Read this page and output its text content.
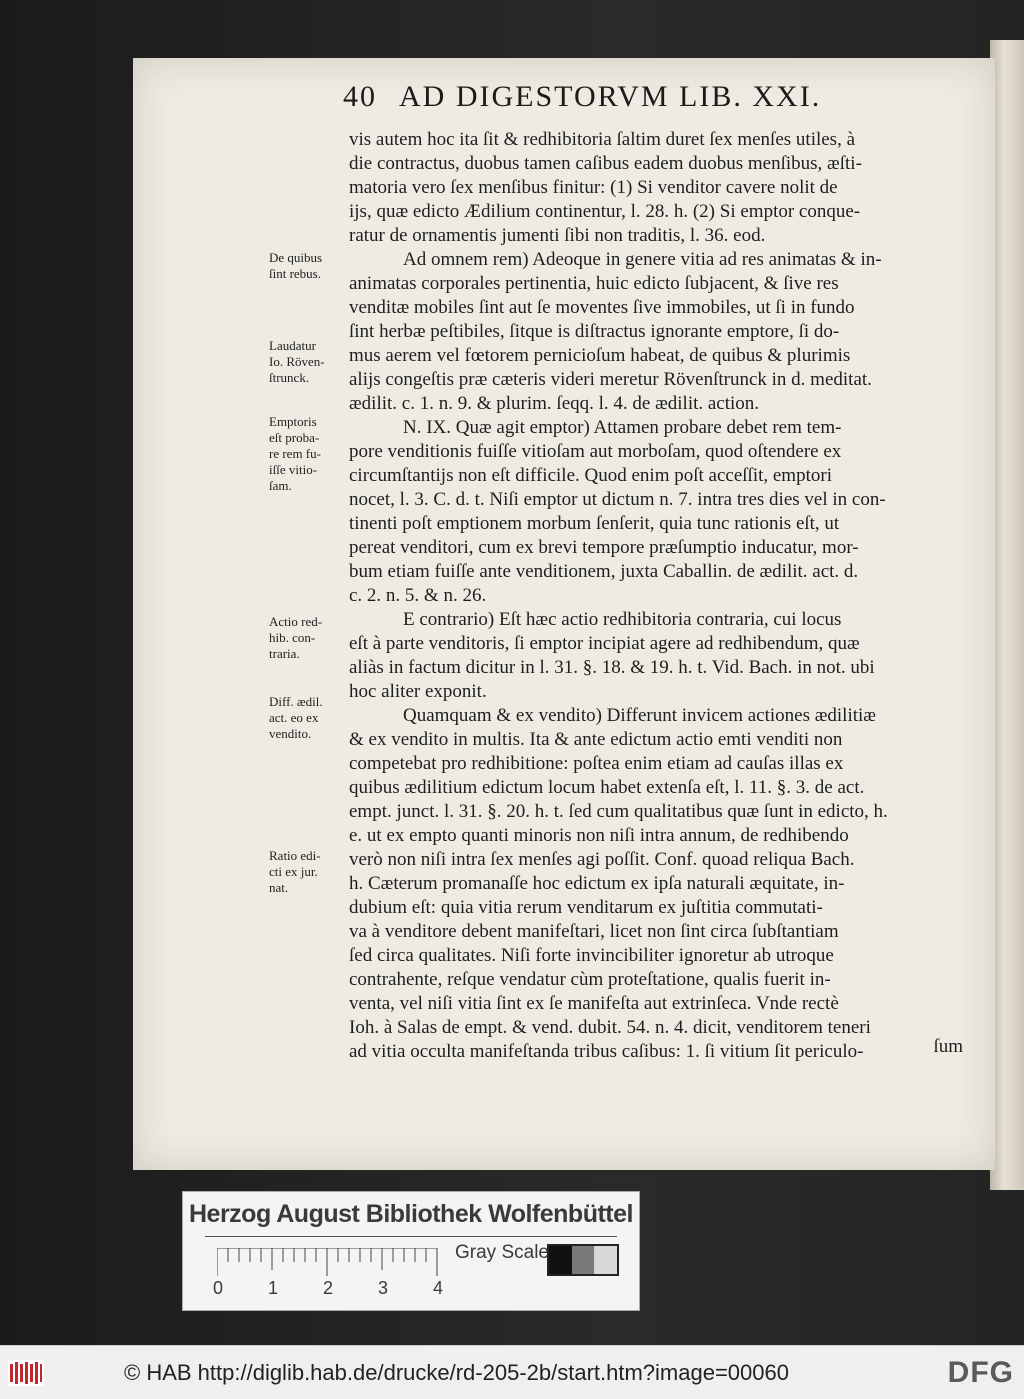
40 AD DIGESTORVM LIB. XXI.
vis autem hoc ita ſit & redhibitoria ſaltim duret ſex menſes utiles, à
die contractus, duobus tamen caſibus eadem duobus menſibus, æſti-
matoria vero ſex menſibus finitur: (1) Si venditor cavere nolit de
ijs, quæ edicto Ædilium continentur, l. 28. h. (2) Si emptor conque-
ratur de ornamentis jumenti ſibi non traditis, l. 36. eod.
Ad omnem rem) Adeoque in genere vitia ad res animatas & in-
animatas corporales pertinentia, huic edicto ſubjacent, & ſive res
venditæ mobiles ſint aut ſe moventes ſive immobiles, ut ſi in fundo
ſint herbæ peſtibiles, ſitque is diſtractus ignorante emptore, ſi do-
mus aerem vel fœtorem pernicioſum habeat, de quibus & plurimis
alijs congeſtis præ cæteris videri meretur Rövenſtrunck in d. meditat.
ædilit. c. 1. n. 9. & plurim. ſeqq. l. 4. de ædilit. action.
N. IX. Quæ agit emptor) Attamen probare debet rem tem-
pore venditionis fuiſſe vitioſam aut morboſam, quod oſtendere ex
circumſtantijs non eſt difficile. Quod enim poſt acceſſit, emptori
nocet, l. 3. C. d. t. Niſi emptor ut dictum n. 7. intra tres dies vel in con-
tinenti poſt emptionem morbum ſenſerit, quia tunc rationis eſt, ut
pereat venditori, cum ex brevi tempore præſumptio inducatur, mor-
bum etiam fuiſſe ante venditionem, juxta Caballin. de ædilit. act. d.
c. 2. n. 5. & n. 26.
E contrario) Eſt hæc actio redhibitoria contraria, cui locus
eſt à parte venditoris, ſi emptor incipiat agere ad redhibendum, quæ
aliàs in factum dicitur in l. 31. §. 18. & 19. h. t. Vid. Bach. in not. ubi
hoc aliter exponit.
Quamquam & ex vendito) Differunt invicem actiones ædilitiæ
& ex vendito in multis. Ita & ante edictum actio emti venditi non
competebat pro redhibitione: poſtea enim etiam ad cauſas illas ex
quibus ædilitium edictum locum habet extenſa eſt, l. 11. §. 3. de act.
empt. junct. l. 31. §. 20. h. t. ſed cum qualitatibus quæ ſunt in edicto, h.
e. ut ex empto quanti minoris non niſi intra annum, de redhibendo
verò non niſi intra ſex menſes agi poſſit. Conf. quoad reliqua Bach.
h. Cæterum promanaſſe hoc edictum ex ipſa naturali æquitate, in-
dubium eſt: quia vitia rerum venditarum ex juſtitia commutati-
va à venditore debent manifeſtari, licet non ſint circa ſubſtantiam
ſed circa qualitates. Niſi forte invincibiliter ignoretur ab utroque
contrahente, reſque vendatur cùm proteſtatione, qualis fuerit in-
venta, vel niſi vitia ſint ex ſe manifeſta aut extrinſeca. Vnde rectè
Ioh. à Salas de empt. & vend. dubit. 54. n. 4. dicit, venditorem teneri
ad vitia occulta manifeſtanda tribus caſibus: 1. ſi vitium ſit periculo-	ſum
De quibus
ſint rebus.
Laudatur
Io. Röven-
ſtrunck.
Emptoris
eſt proba-
re rem fu-
iſſe vitio-
ſam.
Actio red-
hib. con-
traria.
Diff. ædil.
act. eo ex
vendito.
Ratio edi-
cti ex jur.
nat.
Herzog August Bibliothek Wolfenbüttel
0 1 2 3 4
Gray Scale
© HAB http://diglib.hab.de/drucke/rd-205-2b/start.htm?image=00060	DFG
